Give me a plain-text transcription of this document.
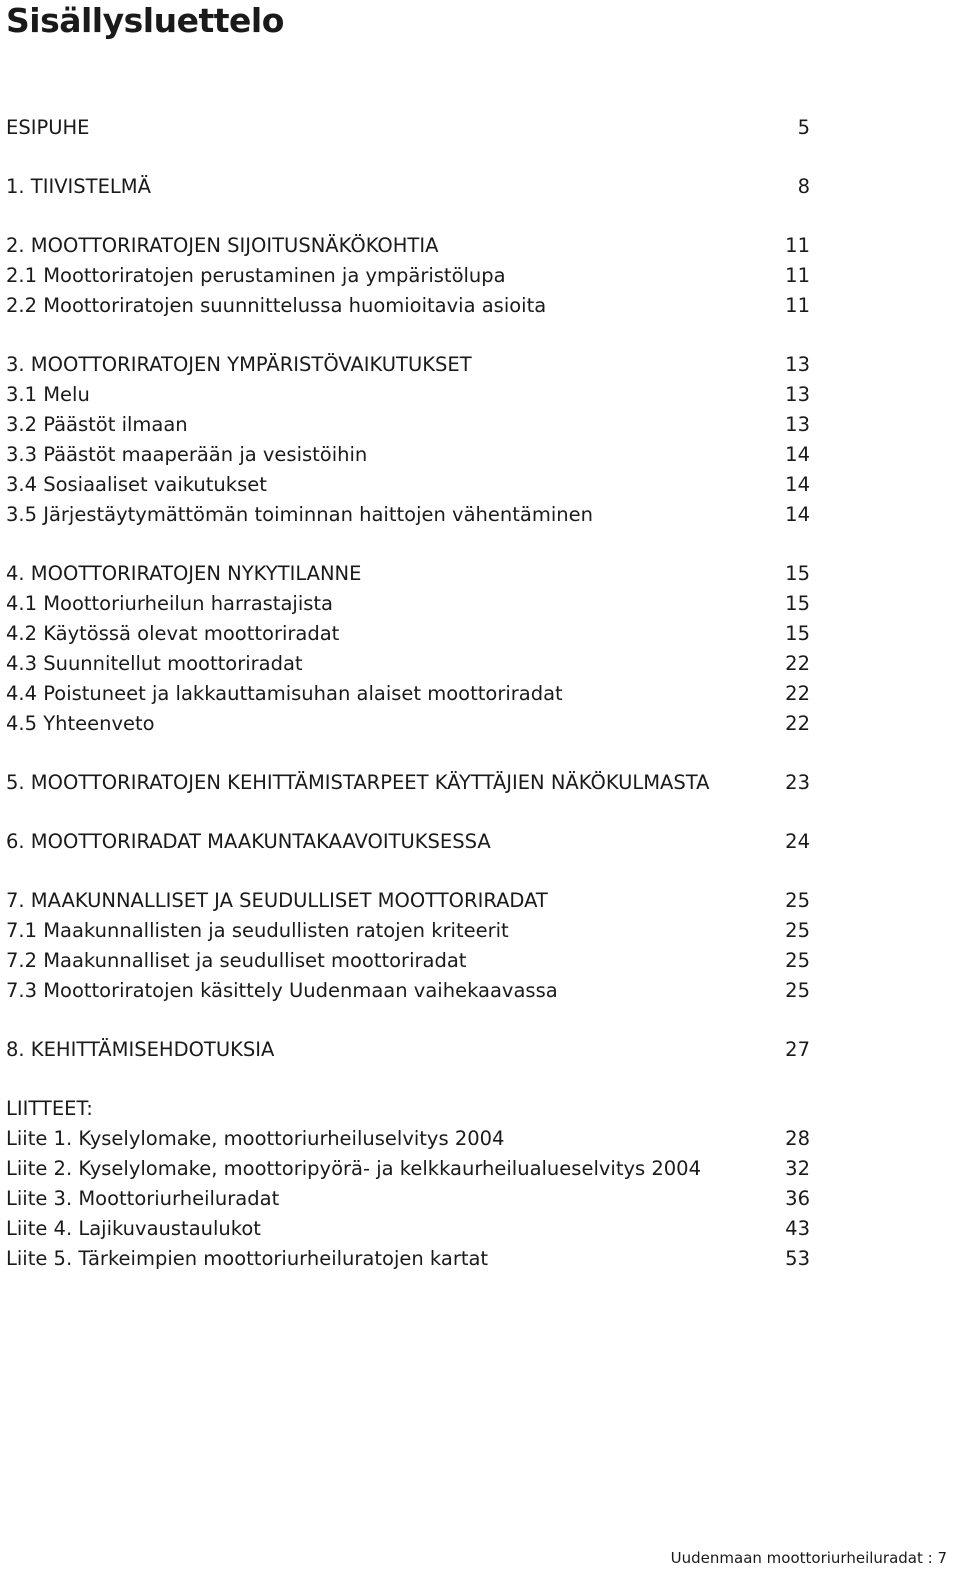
Sisällysluettelo
ESIPUHE	5
1. TIIVISTELMÄ	8
2. MOOTTORIRATOJEN SIJOITUSNÄKÖKOHTIA	11
2.1 Moottoriratojen perustaminen ja ympäristölupa	11
2.2 Moottoriratojen suunnittelussa huomioitavia asioita	11
3. MOOTTORIRATOJEN YMPÄRISTÖVAIKUTUKSET	13
3.1 Melu	13
3.2 Päästöt ilmaan	13
3.3 Päästöt maaperään ja vesistöihin	14
3.4 Sosiaaliset vaikutukset	14
3.5 Järjestäytymättömän toiminnan haittojen vähentäminen	14
4. MOOTTORIRATOJEN NYKYTILANNE	15
4.1 Moottoriurheilun harrastajista	15
4.2 Käytössä olevat moottoriradat	15
4.3 Suunnitellut moottoriradat	22
4.4 Poistuneet ja lakkauttamisuhan alaiset moottoriradat	22
4.5 Yhteenveto	22
5. MOOTTORIRATOJEN KEHITTÄMISTARPEET KÄYTTÄJIEN NÄKÖKULMASTA	23
6. MOOTTORIRADAT MAAKUNTAKAAVOITUKSESSA	24
7. MAAKUNNALLISET JA SEUDULLISET MOOTTORIRADAT	25
7.1 Maakunnallisten ja seudullisten ratojen kriteerit	25
7.2 Maakunnalliset ja seudulliset moottoriradat	25
7.3 Moottoriratojen käsittely Uudenmaan vaihekaavassa	25
8. KEHITTÄMISEHDOTUKSIA	27
LIITTEET:
Liite 1. Kyselylomake, moottoriurheiluselvitys 2004	28
Liite 2. Kyselylomake, moottoripyörä- ja kelkkaurheilualueselvitys 2004	32
Liite 3. Moottoriurheiluradat	36
Liite 4. Lajikuvaustaulukot	43
Liite 5. Tärkeimpien moottoriurheiluratojen kartat	53
Uudenmaan moottoriurheiluradat : 7
